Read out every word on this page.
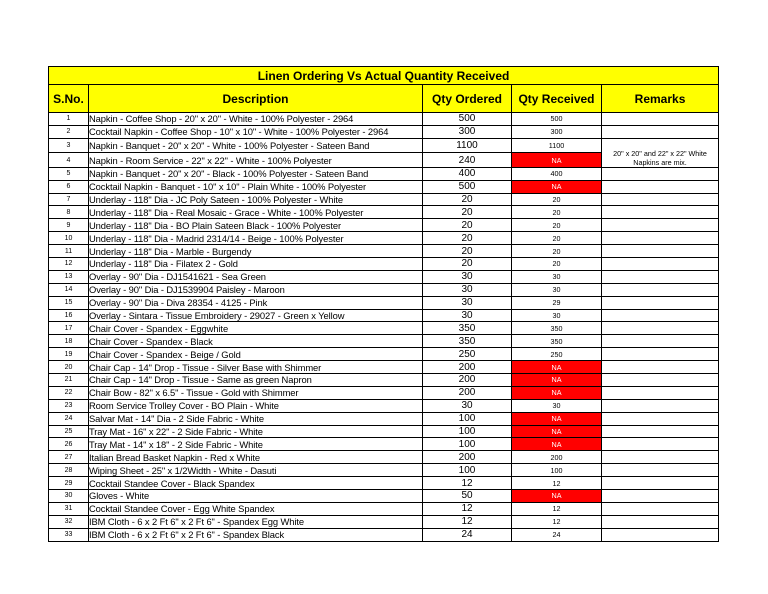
Linen Ordering Vs Actual Quantity Received				
S.No.	Description	Qty Ordered	Qty Received	Remarks
1	Napkin - Coffee Shop - 20" x 20" - White - 100% Polyester - 2964	500	500	
2	Cocktail Napkin - Coffee Shop - 10" x 10" - White - 100% Polyester - 2964	300	300	
3	Napkin - Banquet - 20" x 20" - White - 100% Polyester - Sateen Band	1100	1100	20" x 20" and 22" x 22" White Napkins are mix.

4	Napkin - Room Service - 22" x 22" - White - 100% Polyester	240	NA	
5	Napkin - Banquet - 20" x 20" - Black - 100% Polyester - Sateen Band	400	400	
6	Cocktail Napkin - Banquet - 10" x 10" - Plain White - 100% Polyester	500	NA	
7	Underlay - 118" Dia - JC Poly Sateen - 100% Polyester - White	20	20	
8	Underlay - 118" Dia - Real Mosaic - Grace - White - 100% Polyester	20	20	
9	Underlay - 118" Dia - BO Plain Sateen Black - 100% Polyester	20	20	
10	Underlay - 118" Dia - Madrid 2314/14 - Beige - 100% Polyester	20	20	
11	Underlay - 118" Dia - Marble - Burgendy	20	20	
12	Underlay - 118" Dia - Filatex 2 - Gold	20	20	
13	Overlay - 90" Dia - DJ1541621 - Sea Green	30	30	
14	Overlay - 90" Dia - DJ1539904 Paisley - Maroon	30	30	
15	Overlay - 90" Dia - Diva 28354 - 4125 - Pink	30	29	
16	Overlay - Sintara - Tissue Embroidery - 29027 - Green x Yellow	30	30	
17	Chair Cover - Spandex - Eggwhite	350	350	
18	Chair Cover - Spandex - Black	350	350	
19	Chair Cover - Spandex - Beige / Gold	250	250	
20	Chair Cap - 14" Drop - Tissue - Silver Base with Shimmer	200	NA	
21	Chair Cap - 14" Drop - Tissue - Same as green Napron	200	NA	
22	Chair Bow - 82" x 6.5" - Tissue - Gold with Shimmer	200	NA	
23	Room Service Trolley Cover - BO Plain - White	30	30	
24	Salvar Mat - 14" Dia - 2 Side Fabric - White	100	NA	
25	Tray Mat - 16" x 22" - 2 Side Fabric - White	100	NA	
26	Tray Mat - 14" x 18" - 2 Side Fabric - White	100	NA	
27	Italian Bread Basket Napkin - Red x White	200	200	
28	Wiping Sheet - 25" x 1/2Width - White - Dasuti	100	100	
29	Cocktail Standee Cover - Black Spandex	12	12	
30	Gloves - White	50	NA	
31	Cocktail Standee Cover - Egg White Spandex	12	12	
32	IBM Cloth - 6 x 2 Ft 6" x 2 Ft 6" - Spandex Egg White	12	12	
33	IBM Cloth - 6 x 2 Ft 6" x 2 Ft 6" - Spandex Black	24	24	
